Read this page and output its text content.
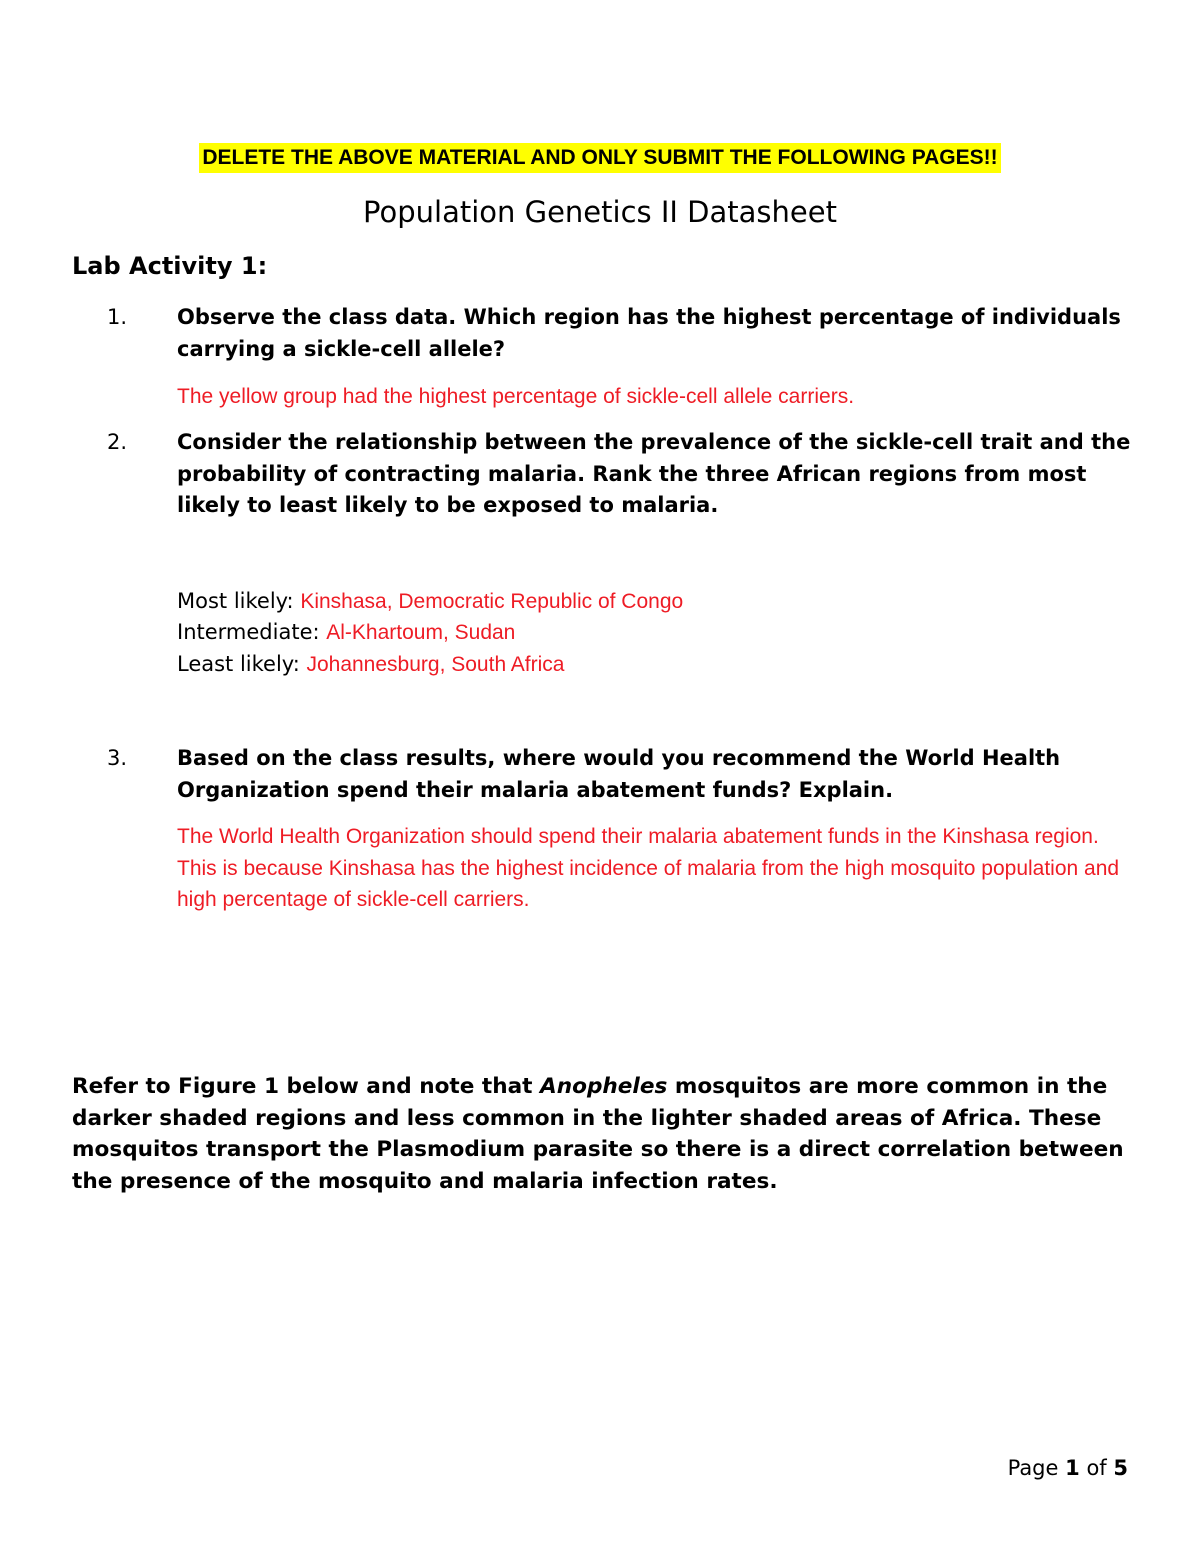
DELETE THE ABOVE MATERIAL AND ONLY SUBMIT THE FOLLOWING PAGES!!
Population Genetics II Datasheet
Lab Activity 1:
1. Observe the class data. Which region has the highest percentage of individuals carrying a sickle-cell allele?

The yellow group had the highest percentage of sickle-cell allele carriers.

2. Consider the relationship between the prevalence of the sickle-cell trait and the probability of contracting malaria. Rank the three African regions from most likely to least likely to be exposed to malaria.

Most likely: Kinshasa, Democratic Republic of Congo
Intermediate: Al-Khartoum, Sudan
Least likely: Johannesburg, South Africa
3. Based on the class results, where would you recommend the World Health Organization spend their malaria abatement funds? Explain.

The World Health Organization should spend their malaria abatement funds in the Kinshasa region. This is because Kinshasa has the highest incidence of malaria from the high mosquito population and high percentage of sickle-cell carriers.

Refer to Figure 1 below and note that Anopheles mosquitos are more common in the darker shaded regions and less common in the lighter shaded areas of Africa. These mosquitos transport the Plasmodium parasite so there is a direct correlation between the presence of the mosquito and malaria infection rates.

Page 1 of 5
